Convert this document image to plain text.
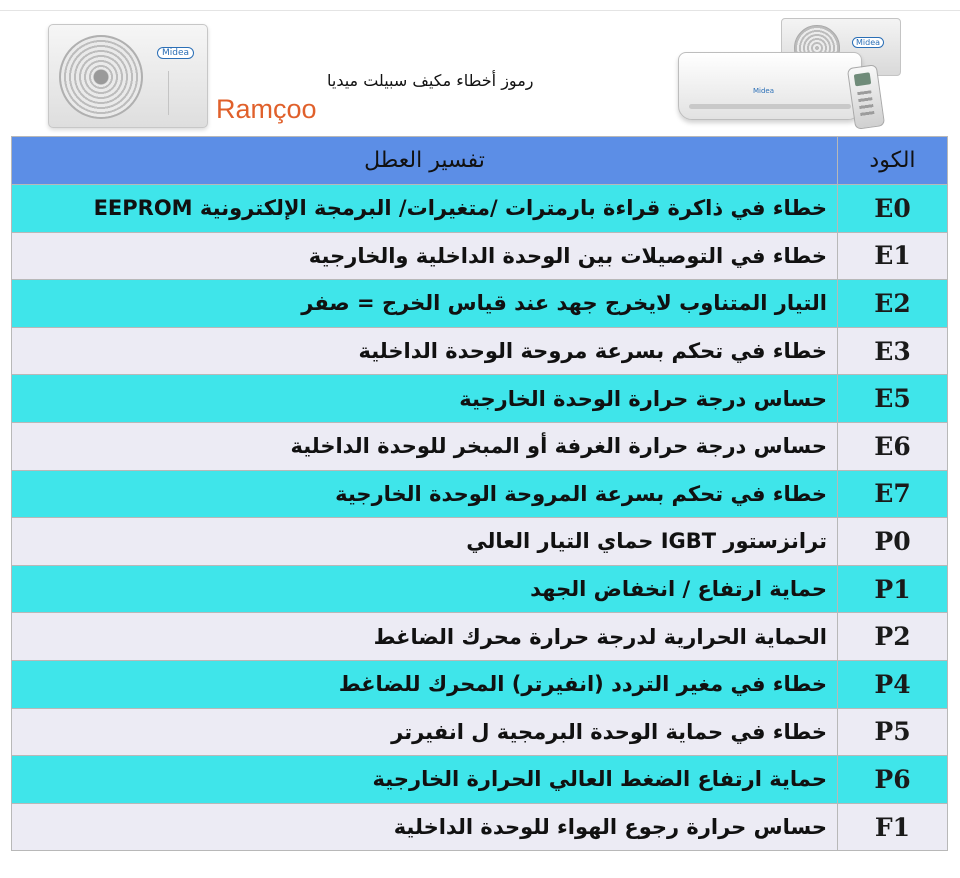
Midea
Ramçoo
رموز أخطاء مكيف سبيلت ميديا
Midea
Midea
تفسير العطل	الكود
خطاء في ذاكرة قراءة بارمترات /متغيرات/ البرمجة الإلكترونية EEPROM	E0
خطاء في التوصيلات بين الوحدة الداخلية والخارجية	E1
التيار المتناوب لايخرج جهد عند قياس الخرج = صفر	E2
خطاء في تحكم بسرعة مروحة الوحدة الداخلية	E3
حساس درجة حرارة الوحدة الخارجية	E5
حساس درجة حرارة الغرفة أو المبخر للوحدة الداخلية	E6
خطاء في تحكم بسرعة المروحة الوحدة الخارجية	E7
ترانزستور IGBT حماي التيار العالي	P0
حماية ارتفاع / انخفاض الجهد	P1
الحماية الحرارية لدرجة حرارة محرك الضاغط	P2
خطاء في مغير التردد (انفيرتر) المحرك للضاغط	P4
خطاء في حماية الوحدة البرمجية ل انفيرتر	P5
حماية ارتفاع الضغط العالي الحرارة الخارجية	P6
حساس حرارة رجوع الهواء للوحدة الداخلية	F1
